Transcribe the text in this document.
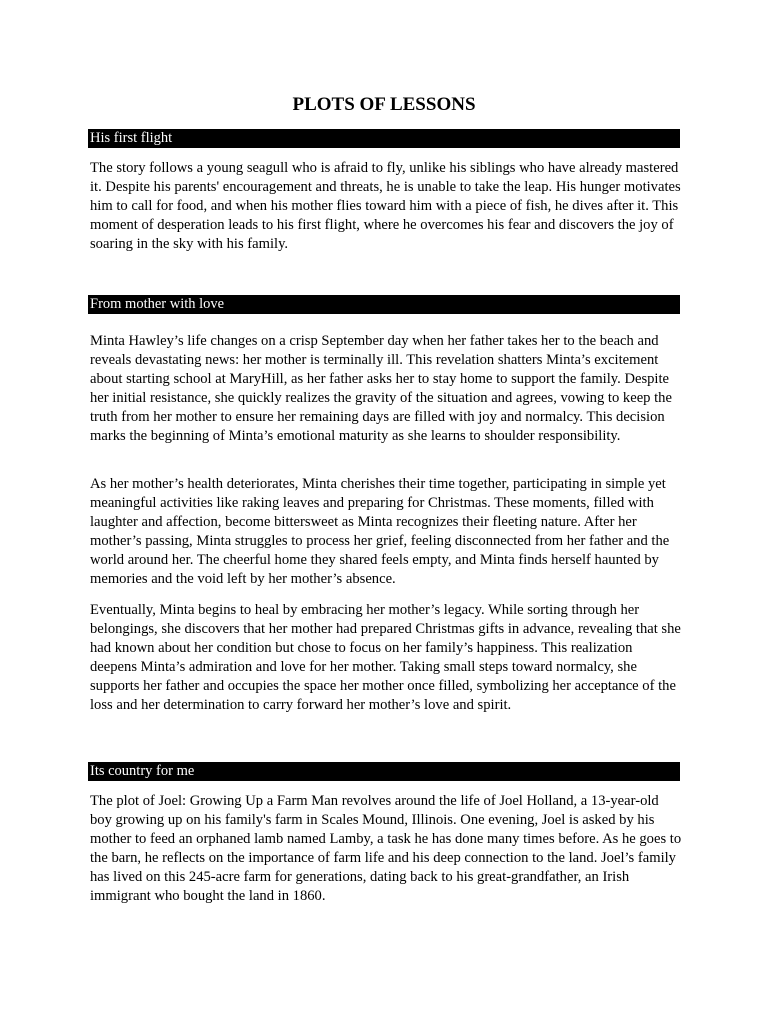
PLOTS OF LESSONS
His first flight

The story follows a young seagull who is afraid to fly, unlike his siblings who have already mastered it. Despite his parents' encouragement and threats, he is unable to take the leap. His hunger motivates him to call for food, and when his mother flies toward him with a piece of fish, he dives after it. This moment of desperation leads to his first flight, where he overcomes his fear and discovers the joy of soaring in the sky with his family.

From mother with love

Minta Hawley’s life changes on a crisp September day when her father takes her to the beach and reveals devastating news: her mother is terminally ill. This revelation shatters Minta’s excitement about starting school at MaryHill, as her father asks her to stay home to support the family. Despite her initial resistance, she quickly realizes the gravity of the situation and agrees, vowing to keep the truth from her mother to ensure her remaining days are filled with joy and normalcy. This decision marks the beginning of Minta’s emotional maturity as she learns to shoulder responsibility.

As her mother’s health deteriorates, Minta cherishes their time together, participating in simple yet meaningful activities like raking leaves and preparing for Christmas. These moments, filled with laughter and affection, become bittersweet as Minta recognizes their fleeting nature. After her mother’s passing, Minta struggles to process her grief, feeling disconnected from her father and the world around her. The cheerful home they shared feels empty, and Minta finds herself haunted by memories and the void left by her mother’s absence.

Eventually, Minta begins to heal by embracing her mother’s legacy. While sorting through her belongings, she discovers that her mother had prepared Christmas gifts in advance, revealing that she had known about her condition but chose to focus on her family’s happiness. This realization deepens Minta’s admiration and love for her mother. Taking small steps toward normalcy, she supports her father and occupies the space her mother once filled, symbolizing her acceptance of the loss and her determination to carry forward her mother’s love and spirit.

Its country for me

The plot of Joel: Growing Up a Farm Man revolves around the life of Joel Holland, a 13-year-old boy growing up on his family's farm in Scales Mound, Illinois. One evening, Joel is asked by his mother to feed an orphaned lamb named Lamby, a task he has done many times before. As he goes to the barn, he reflects on the importance of farm life and his deep connection to the land. Joel’s family has lived on this 245-acre farm for generations, dating back to his great-grandfather, an Irish immigrant who bought the land in 1860.
